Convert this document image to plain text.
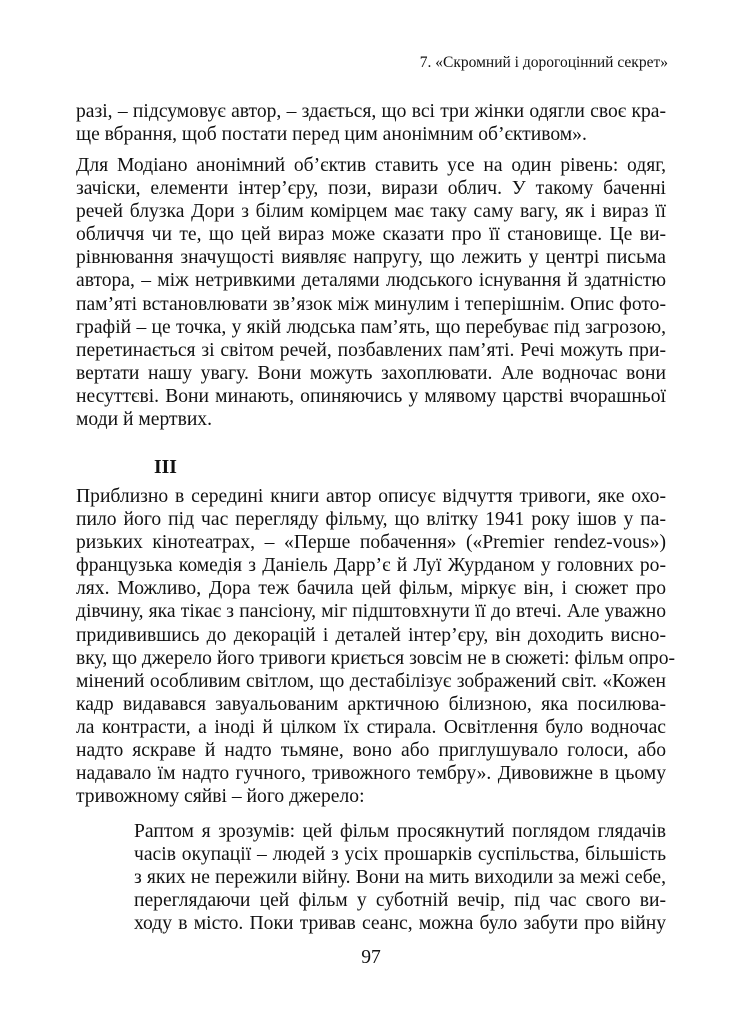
7. «Скромний і дорогоцінний секрет»
разі, – підсумовує автор, – здається, що всі три жінки одягли своє кра-
ще вбрання, щоб постати перед цим анонімним об’єктивом».
Для Модіано анонімний об’єктив ставить усе на один рівень: одяг,
зачіски, елементи інтер’єру, пози, вирази облич. У такому баченні
речей блузка Дори з білим комірцем має таку саму вагу, як і вираз її
обличчя чи те, що цей вираз може сказати про її становище. Це ви-
рівнювання значущості виявляє напругу, що лежить у центрі письма
автора, – між нетривкими деталями людського існування й здатністю
пам’яті встановлювати зв’язок між минулим і теперішнім. Опис фото-
графій – це точка, у якій людська пам’ять, що перебуває під загрозою,
перетинається зі світом речей, позбавлених пам’яті. Речі можуть при-
вертати нашу увагу. Вони можуть захоплювати. Але водночас вони
несуттєві. Вони минають, опиняючись у млявому царстві вчорашньої
моди й мертвих.
III
Приблизно в середині книги автор описує відчуття тривоги, яке охо-
пило його під час перегляду фільму, що влітку 1941 року ішов у па-
ризьких кінотеатрах, – «Перше побачення» («Premier rendez-vous»)
французька комедія з Даніель Дарр’є й Луї Журданом у головних ро-
лях. Можливо, Дора теж бачила цей фільм, міркує він, і сюжет про
дівчину, яка тікає з пансіону, міг підштовхнути її до втечі. Але уважно
придивившись до декорацій і деталей інтер’єру, він доходить висно-
вку, що джерело його тривоги криється зовсім не в сюжеті: фільм опро-
мінений особливим світлом, що дестабілізує зображений світ. «Кожен
кадр видавався завуальованим арктичною білизною, яка посилюва-
ла контрасти, а іноді й цілком їх стирала. Освітлення було водночас
надто яскраве й надто тьмяне, воно або приглушувало голоси, або
надавало їм надто гучного, тривожного тембру». Дивовижне в цьому
тривожному сяйві – його джерело:
Раптом я зрозумів: цей фільм просякнутий поглядом глядачів
часів окупації – людей з усіх прошарків суспільства, більшість
з яких не пережили війну. Вони на мить виходили за межі себе,
переглядаючи цей фільм у суботній вечір, під час свого ви-
ходу в місто. Поки тривав сеанс, можна було забути про війну
97
